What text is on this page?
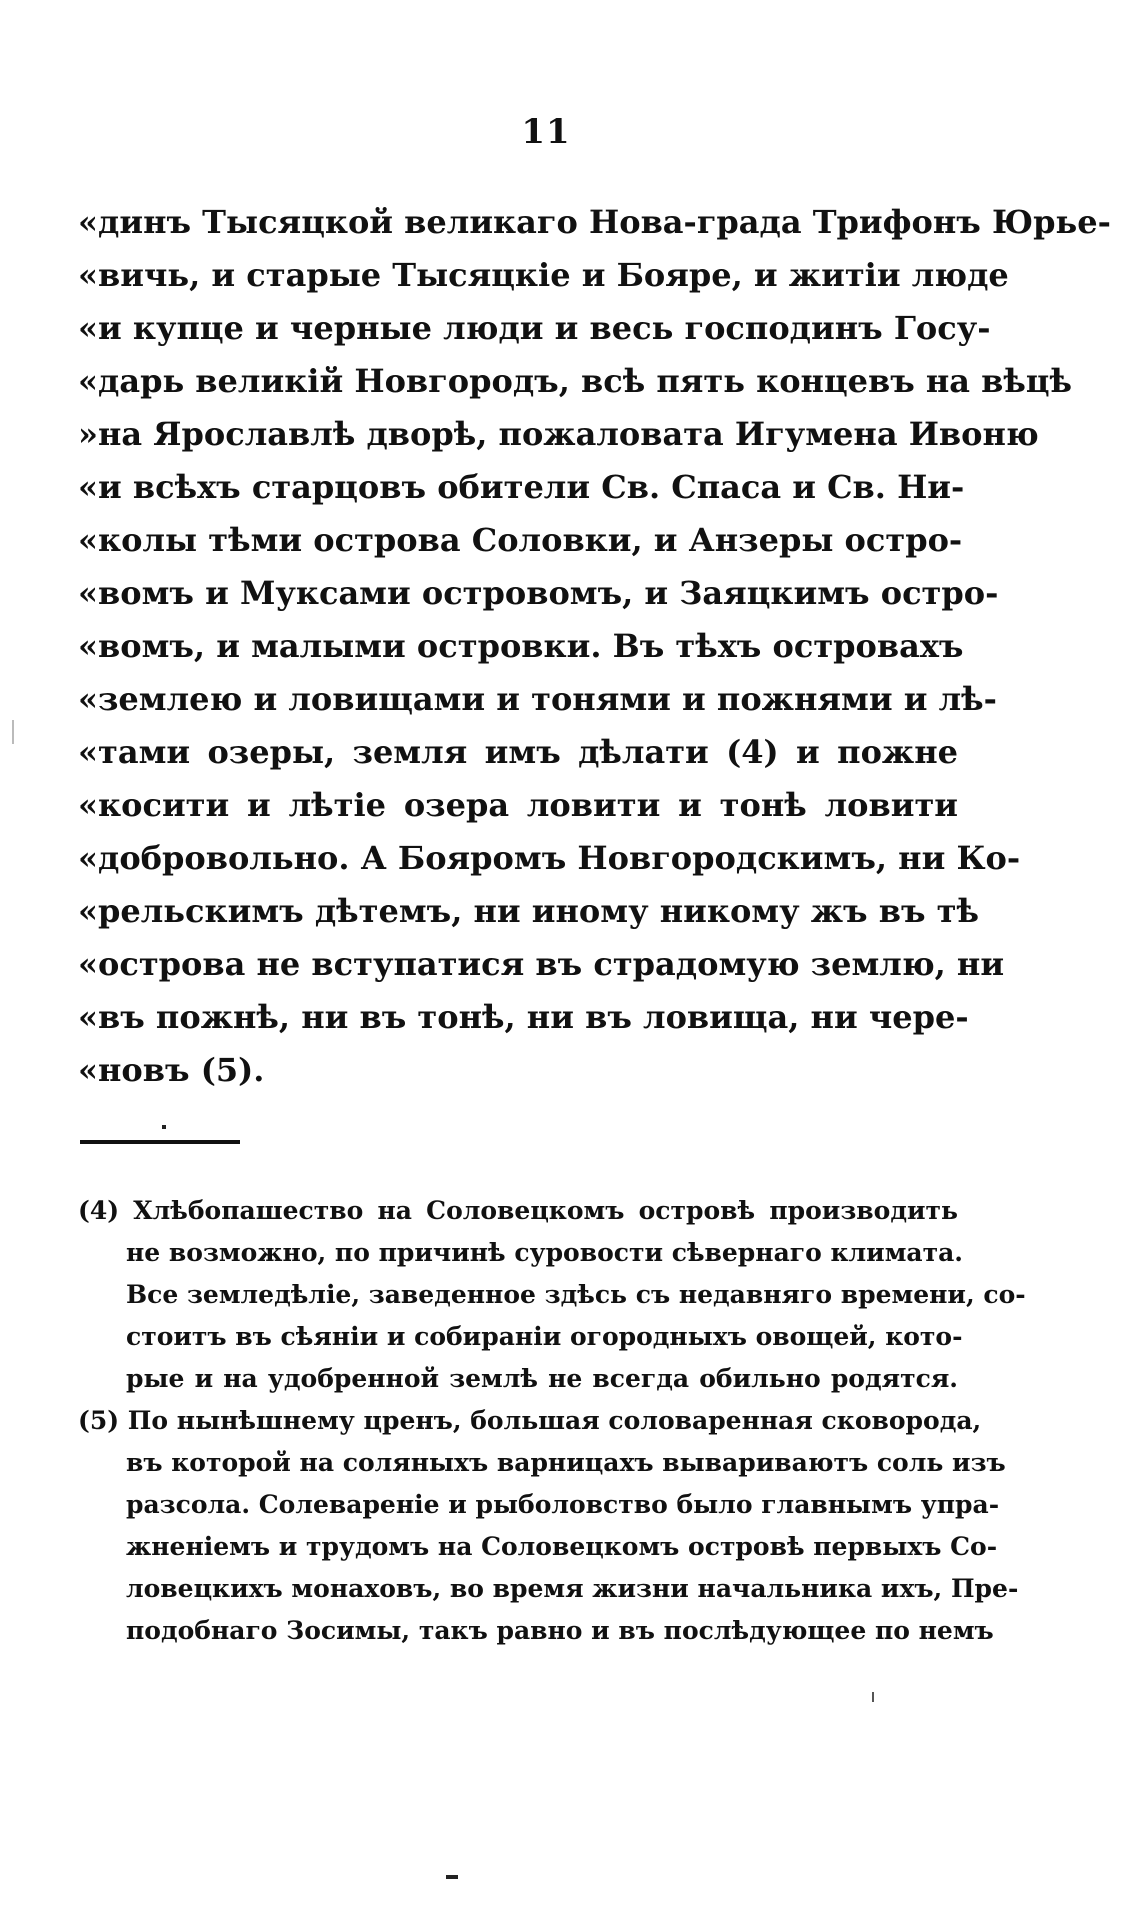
11
«динъ Тысяцкой великаго Нова-града Трифонъ Юрье-
«вичь, и старые Тысяцкіе и Бояре, и житіи люде
«и купце и черные люди и весь господинъ Госу-
«дарь великій Новгородъ, всѣ пять концевъ на вѣцѣ
»на Ярославлѣ дворѣ, пожаловата Игумена Ивоню
«и всѣхъ старцовъ обители Св. Спаса и Св. Ни-
«колы тѣми острова Соловки, и Анзеры остро-
«вомъ и Муксами островомъ, и Заяцкимъ остро-
«вомъ, и малыми островки. Въ тѣхъ островахъ
«землею и ловищами и тонями и пожнями и лѣ-
«тами озеры, земля имъ дѣлати (4) и пожне
«косити и лѣтіе озера ловити и тонѣ ловити
«добровольно. А Бояромъ Новгородскимъ, ни Ко-
«рельскимъ дѣтемъ, ни иному никому жъ въ тѣ
«острова не вступатися въ страдомую землю, ни
«въ пожнѣ, ни въ тонѣ, ни въ ловища, ни чере-
«новъ (5).
(4) Хлѣбопашество на Соловецкомъ островѣ производить
не возможно, по причинѣ суровости сѣвернаго климата.
Все земледѣліе, заведенное здѣсь съ недавняго времени, со-
стоитъ въ сѣяніи и собираніи огородныхъ овощей, кото-
рые и на удобренной землѣ не всегда обильно родятся.
(5) По нынѣшнему цренъ, большая соловаренная сковорода,
въ которой на соляныхъ варницахъ вывариваютъ соль изъ
разсола. Солевареніе и рыболовство было главнымъ упра-
жненіемъ и трудомъ на Соловецкомъ островѣ первыхъ Со-
ловецкихъ монаховъ, во время жизни начальника ихъ, Пре-
подобнаго Зосимы, такъ равно и въ послѣдующее по немъ
